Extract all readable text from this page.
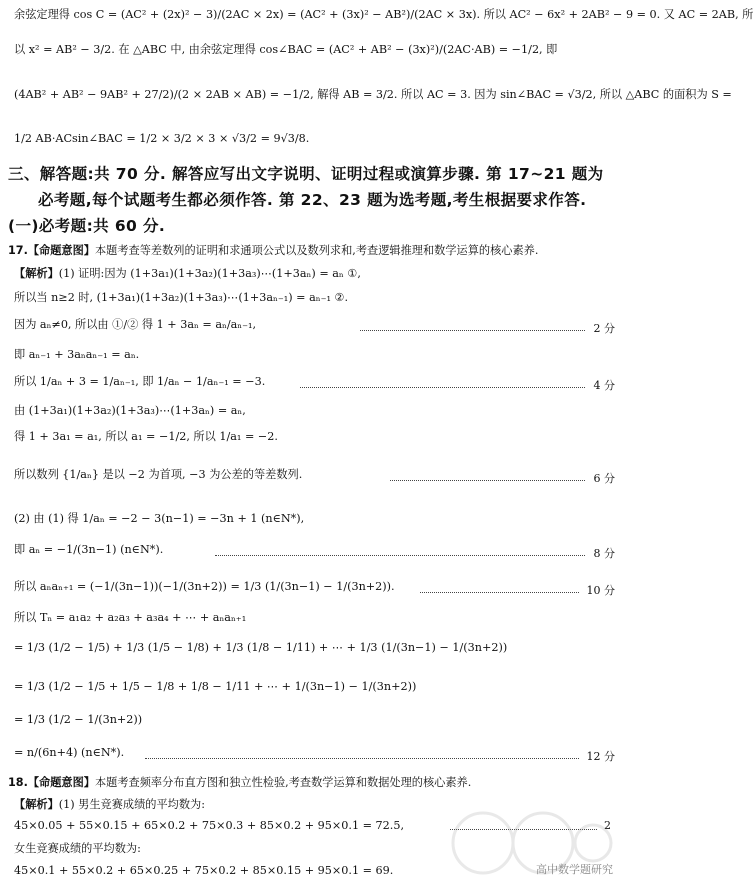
余弦定理得 cos C = (AC² + (2x)² − 3)/(2AC × 2x) = (AC² + (3x)² − AB²)/(2AC × 3x). 所以 AC² − 6x² + 2AB² − 9 = 0. 又 AC = 2AB, 所
以 x² = AB² − 3/2. 在 △ABC 中, 由余弦定理得 cos∠BAC = (AC² + AB² − (3x)²)/(2AC·AB) = −1/2, 即
(4AB² + AB² − 9AB² + 27/2)/(2 × 2AB × AB) = −1/2, 解得 AB = 3/2. 所以 AC = 3. 因为 sin∠BAC = √3/2, 所以 △ABC 的面积为 S =
1/2 AB·ACsin∠BAC = 1/2 × 3/2 × 3 × √3/2 = 9√3/8.
三、解答题:共 70 分. 解答应写出文字说明、证明过程或演算步骤. 第 17~21 题为
必考题,每个试题考生都必须作答. 第 22、23 题为选考题,考生根据要求作答.
(一)必考题:共 60 分.
17.【命题意图】本题考查等差数列的证明和求通项公式以及数列求和,考查逻辑推理和数学运算的核心素养.
【解析】(1) 证明:因为 (1+3a₁)(1+3a₂)(1+3a₃)⋯(1+3aₙ) = aₙ ①,
所以当 n≥2 时, (1+3a₁)(1+3a₂)(1+3a₃)⋯(1+3aₙ₋₁) = aₙ₋₁ ②.
因为 aₙ≠0, 所以由 ①/② 得 1 + 3aₙ = aₙ/aₙ₋₁,	2 分
即 aₙ₋₁ + 3aₙaₙ₋₁ = aₙ.
所以 1/aₙ + 3 = 1/aₙ₋₁, 即 1/aₙ − 1/aₙ₋₁ = −3.	4 分
由 (1+3a₁)(1+3a₂)(1+3a₃)⋯(1+3aₙ) = aₙ,
得 1 + 3a₁ = a₁, 所以 a₁ = −1/2, 所以 1/a₁ = −2.
所以数列 {1/aₙ} 是以 −2 为首项, −3 为公差的等差数列.	6 分
(2) 由 (1) 得 1/aₙ = −2 − 3(n−1) = −3n + 1 (n∈N*),
即 aₙ = −1/(3n−1) (n∈N*).	8 分
所以 aₙaₙ₊₁ = (−1/(3n−1))(−1/(3n+2)) = 1/3 (1/(3n−1) − 1/(3n+2)).	10 分
所以 Tₙ = a₁a₂ + a₂a₃ + a₃a₄ + ⋯ + aₙaₙ₊₁
= 1/3 (1/2 − 1/5) + 1/3 (1/5 − 1/8) + 1/3 (1/8 − 1/11) + ⋯ + 1/3 (1/(3n−1) − 1/(3n+2))
= 1/3 (1/2 − 1/5 + 1/5 − 1/8 + 1/8 − 1/11 + ⋯ + 1/(3n−1) − 1/(3n+2))
= 1/3 (1/2 − 1/(3n+2))
= n/(6n+4) (n∈N*).	12 分
18.【命题意图】本题考查频率分布直方图和独立性检验,考查数学运算和数据处理的核心素养.
【解析】(1) 男生竞赛成绩的平均数为:
45×0.05 + 55×0.15 + 65×0.2 + 75×0.3 + 85×0.2 + 95×0.1 = 72.5,	2
女生竞赛成绩的平均数为:
45×0.1 + 55×0.2 + 65×0.25 + 75×0.2 + 85×0.15 + 95×0.1 = 69.	高中数学题研究
